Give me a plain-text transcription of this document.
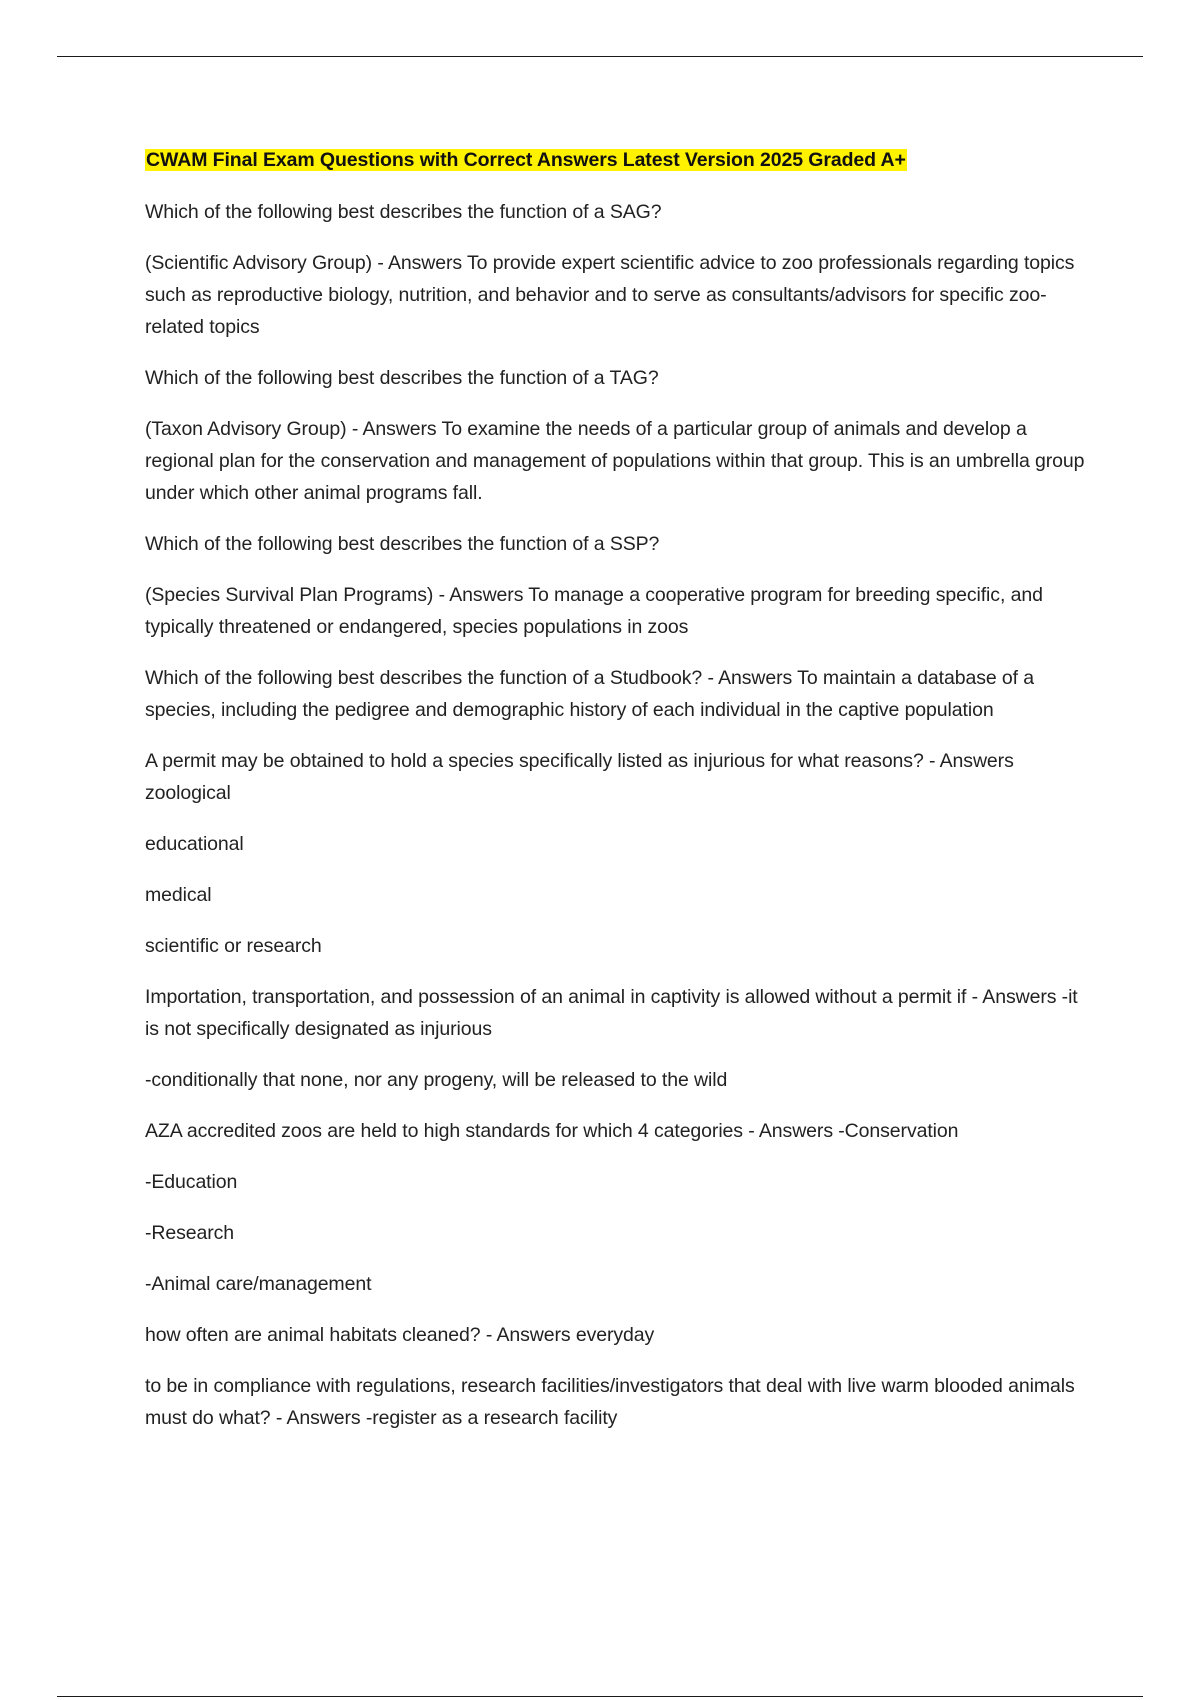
CWAM Final Exam Questions with Correct Answers Latest Version 2025 Graded A+

Which of the following best describes the function of a SAG?

(Scientific Advisory Group) - Answers To provide expert scientific advice to zoo professionals regarding topics such as reproductive biology, nutrition, and behavior and to serve as consultants/advisors for specific zoo-related topics

Which of the following best describes the function of a TAG?

(Taxon Advisory Group) - Answers To examine the needs of a particular group of animals and develop a regional plan for the conservation and management of populations within that group. This is an umbrella group under which other animal programs fall.

Which of the following best describes the function of a SSP?

(Species Survival Plan Programs) - Answers To manage a cooperative program for breeding specific, and typically threatened or endangered, species populations in zoos

Which of the following best describes the function of a Studbook? - Answers To maintain a database of a species, including the pedigree and demographic history of each individual in the captive population

A permit may be obtained to hold a species specifically listed as injurious for what reasons? - Answers zoological

educational

medical

scientific or research

Importation, transportation, and possession of an animal in captivity is allowed without a permit if - Answers -it is not specifically designated as injurious

-conditionally that none, nor any progeny, will be released to the wild

AZA accredited zoos are held to high standards for which 4 categories - Answers -Conservation

-Education

-Research

-Animal care/management

how often are animal habitats cleaned? - Answers everyday

to be in compliance with regulations, research facilities/investigators that deal with live warm blooded animals must do what? - Answers -register as a research facility
